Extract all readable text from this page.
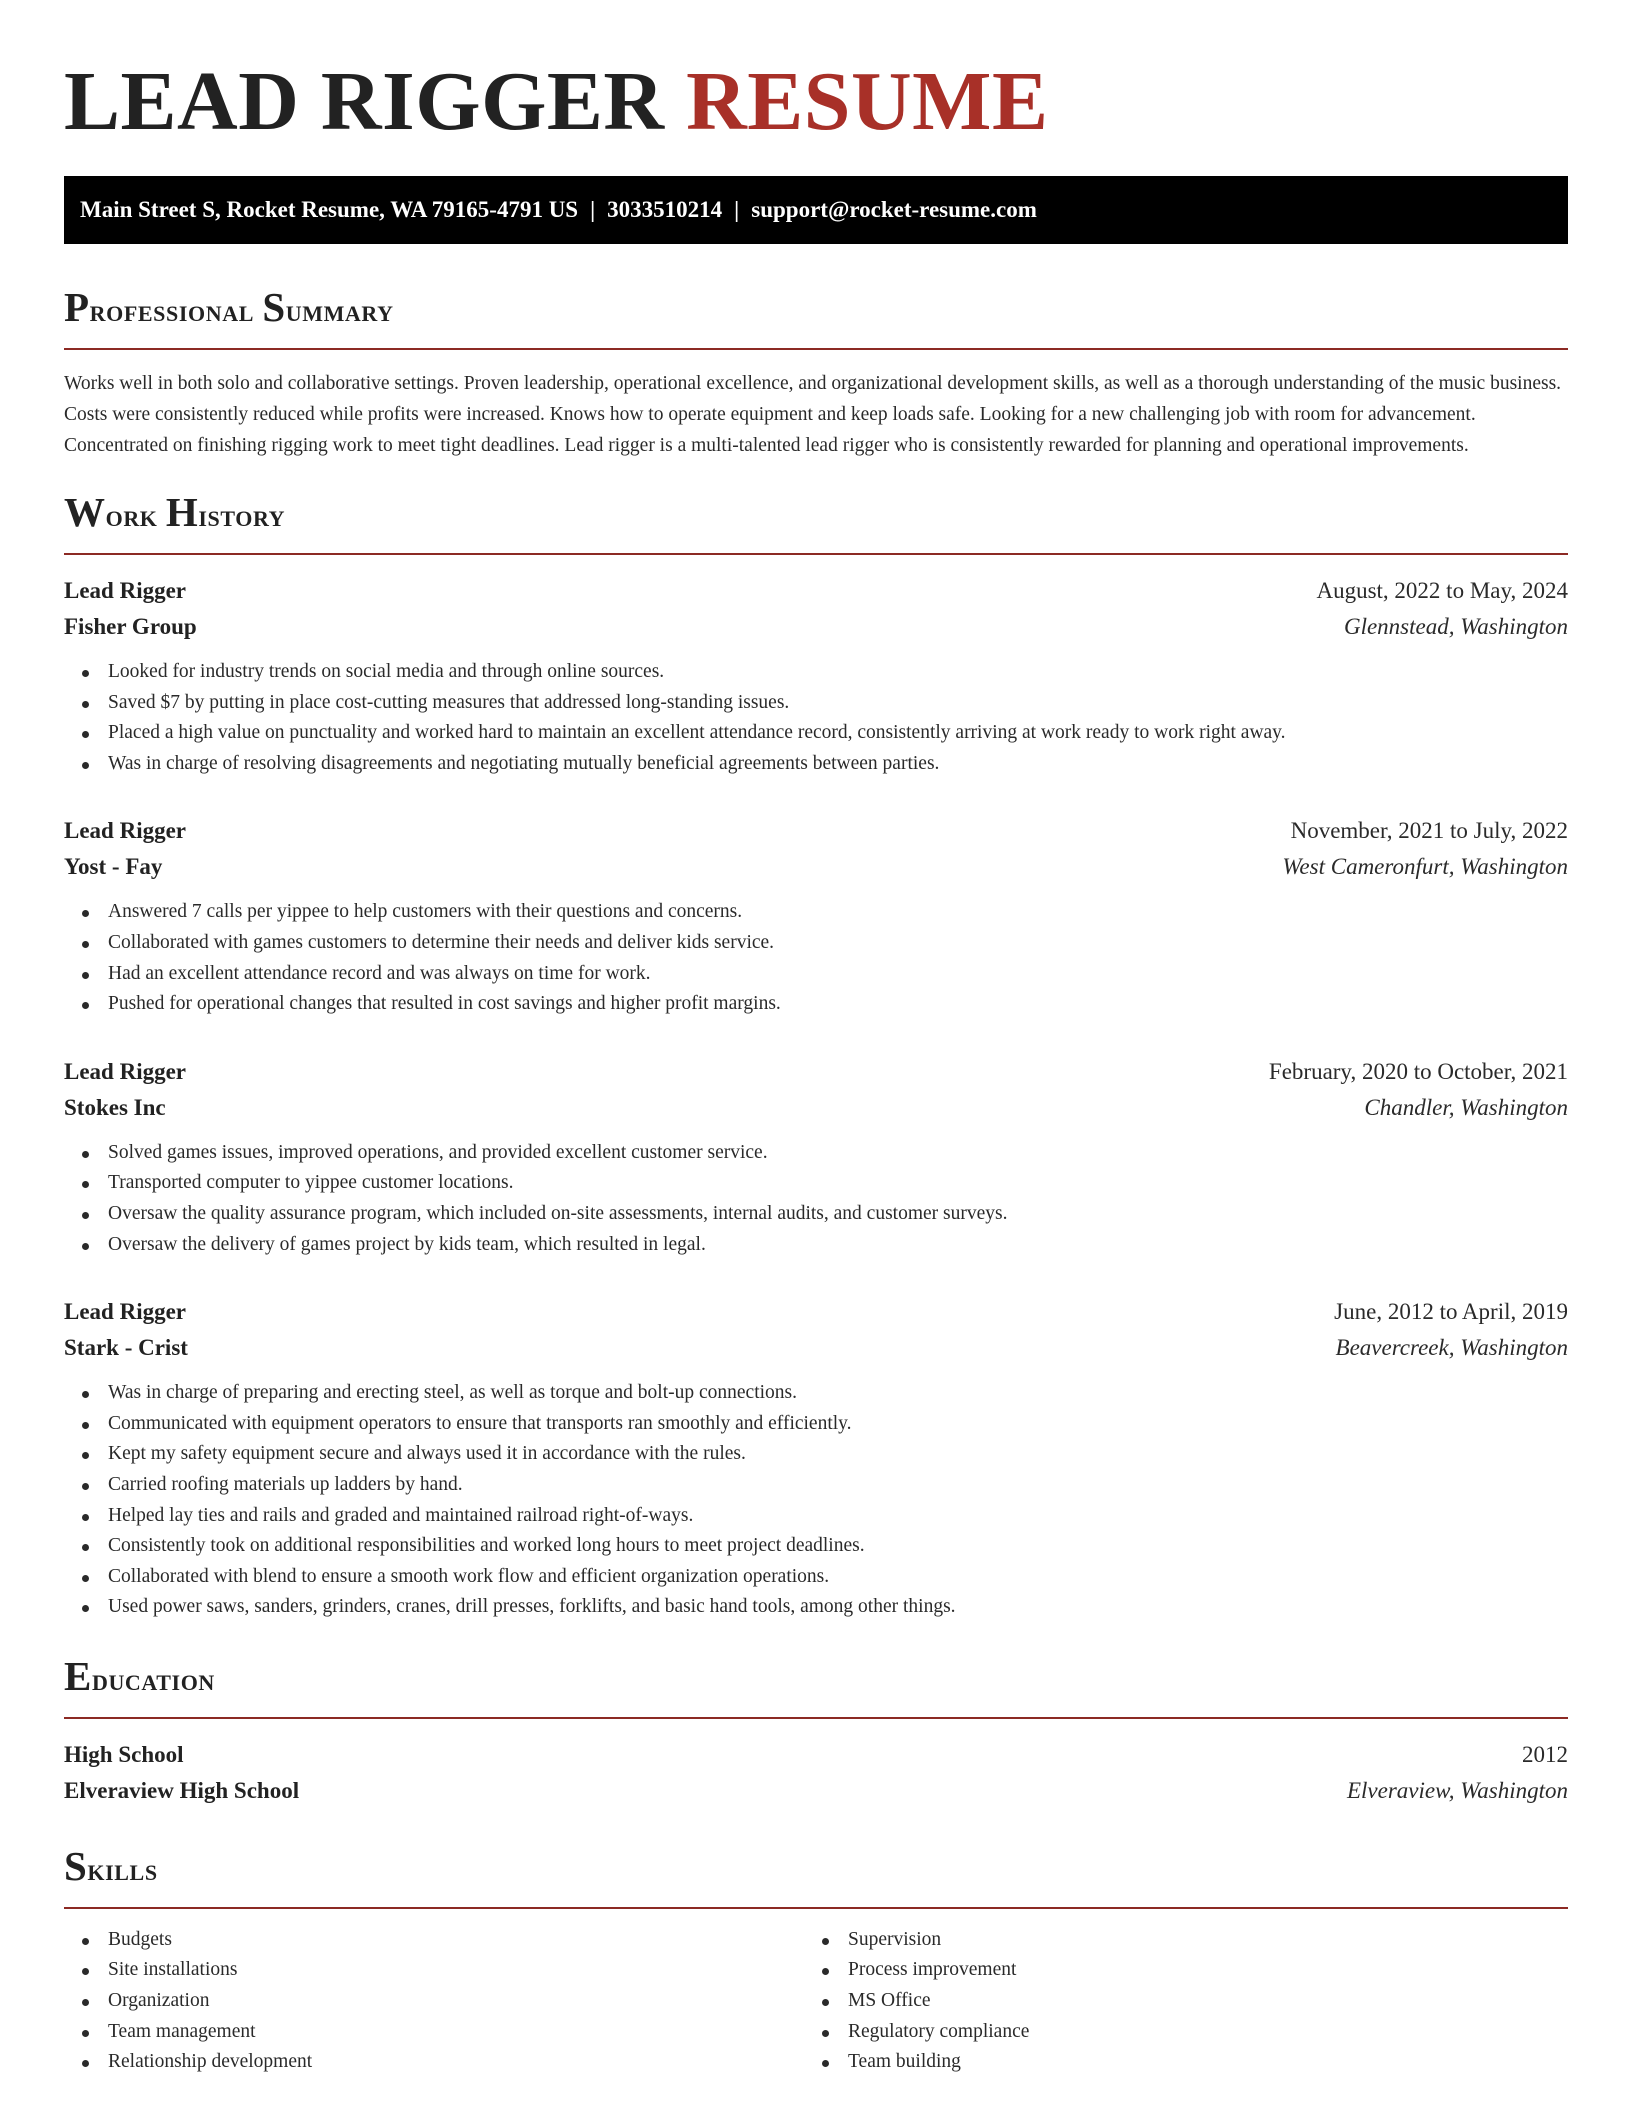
LEAD RIGGER RESUME
Main Street S, Rocket Resume, WA 79165-4791 US | 3033510214 | support@rocket-resume.com
Professional Summary

Works well in both solo and collaborative settings. Proven leadership, operational excellence, and organizational development skills, as well as a thorough understanding of the music business. Costs were consistently reduced while profits were increased. Knows how to operate equipment and keep loads safe. Looking for a new challenging job with room for advancement. Concentrated on finishing rigging work to meet tight deadlines. Lead rigger is a multi-talented lead rigger who is consistently rewarded for planning and operational improvements.

Work History
Lead Rigger	August, 2022 to May, 2024
Fisher Group	Glennstead, Washington
Looked for industry trends on social media and through online sources.
Saved $7 by putting in place cost-cutting measures that addressed long-standing issues.
Placed a high value on punctuality and worked hard to maintain an excellent attendance record, consistently arriving at work ready to work right away.
Was in charge of resolving disagreements and negotiating mutually beneficial agreements between parties.
Lead Rigger	November, 2021 to July, 2022
Yost - Fay	West Cameronfurt, Washington
Answered 7 calls per yippee to help customers with their questions and concerns.
Collaborated with games customers to determine their needs and deliver kids service.
Had an excellent attendance record and was always on time for work.
Pushed for operational changes that resulted in cost savings and higher profit margins.
Lead Rigger	February, 2020 to October, 2021
Stokes Inc	Chandler, Washington
Solved games issues, improved operations, and provided excellent customer service.
Transported computer to yippee customer locations.
Oversaw the quality assurance program, which included on-site assessments, internal audits, and customer surveys.
Oversaw the delivery of games project by kids team, which resulted in legal.
Lead Rigger	June, 2012 to April, 2019
Stark - Crist	Beavercreek, Washington
Was in charge of preparing and erecting steel, as well as torque and bolt-up connections.
Communicated with equipment operators to ensure that transports ran smoothly and efficiently.
Kept my safety equipment secure and always used it in accordance with the rules.
Carried roofing materials up ladders by hand.
Helped lay ties and rails and graded and maintained railroad right-of-ways.
Consistently took on additional responsibilities and worked long hours to meet project deadlines.
Collaborated with blend to ensure a smooth work flow and efficient organization operations.
Used power saws, sanders, grinders, cranes, drill presses, forklifts, and basic hand tools, among other things.
Education
High School	2012
Elveraview High School	Elveraview, Washington
Skills
Budgets
Site installations
Organization
Team management
Relationship development
Supervision
Process improvement
MS Office
Regulatory compliance
Team building
